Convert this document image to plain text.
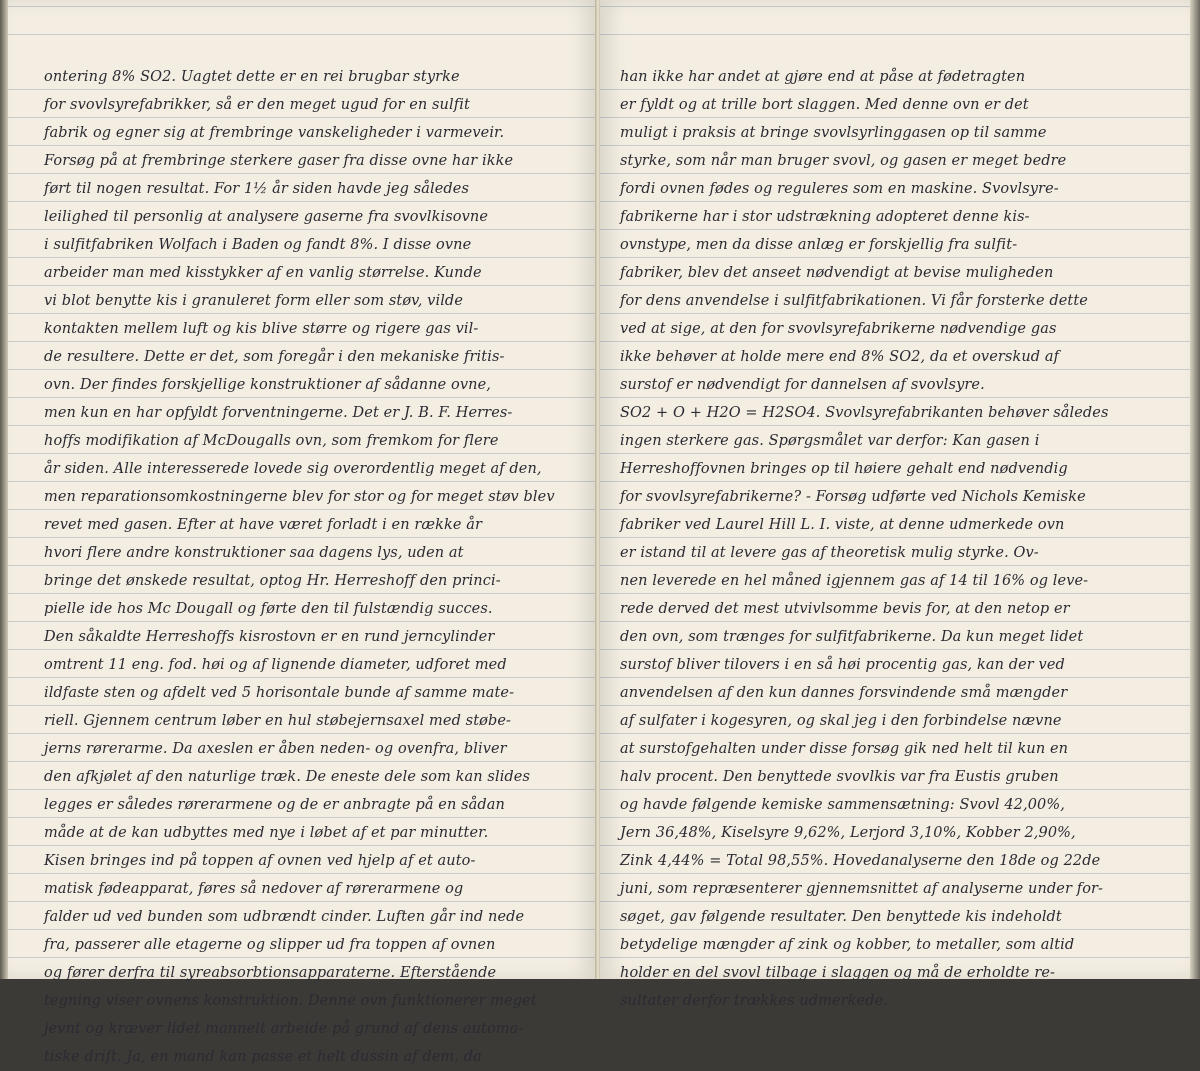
ontering 8% SO2. Uagtet dette er en rei brugbar styrke
for svovlsyrefabrikker, så er den meget ugud for en sulfit
fabrik og egner sig at frembringe vanskeligheder i varmeveir.
Forsøg på at frembringe sterkere gaser fra disse ovne har ikke
ført til nogen resultat. For 1½ år siden havde jeg således
leilighed til personlig at analysere gaserne fra svovlkisovne
i sulfitfabriken Wolfach i Baden og fandt 8%. I disse ovne
arbeider man med kisstykker af en vanlig størrelse. Kunde
vi blot benytte kis i granuleret form eller som støv, vilde
kontakten mellem luft og kis blive større og rigere gas vil-
de resultere. Dette er det, som foregår i den mekaniske fritis-
ovn. Der findes forskjellige konstruktioner af sådanne ovne,
men kun en har opfyldt forventningerne. Det er J. B. F. Herres-
hoffs modifikation af McDougalls ovn, som fremkom for flere
år siden. Alle interesserede lovede sig overordentlig meget af den,
men reparationsomkostningerne blev for stor og for meget støv blev
revet med gasen. Efter at have været forladt i en række år
hvori flere andre konstruktioner saa dagens lys, uden at
bringe det ønskede resultat, optog Hr. Herreshoff den princi-
pielle ide hos Mc Dougall og førte den til fulstændig succes.
Den såkaldte Herreshoffs kisrostovn er en rund jerncylinder
omtrent 11 eng. fod. høi og af lignende diameter, udforet med
ildfaste sten og afdelt ved 5 horisontale bunde af samme mate-
riell. Gjennem centrum løber en hul støbejernsaxel med støbe-
jerns rørerarme. Da axeslen er åben neden- og ovenfra, bliver
den afkjølet af den naturlige træk. De eneste dele som kan slides
legges er således rørerarmene og de er anbragte på en sådan
måde at de kan udbyttes med nye i løbet af et par minutter.
Kisen bringes ind på toppen af ovnen ved hjelp af et auto-
matisk fødeapparat, føres så nedover af rørerarmene og
falder ud ved bunden som udbrændt cinder. Luften går ind nede
fra, passerer alle etagerne og slipper ud fra toppen af ovnen
og fører derfra til syreabsorbtionsapparaterne. Efterstående
tegning viser ovnens konstruktion. Denne ovn funktionerer meget
jevnt og kræver lidet mannelt arbeide på grund af dens automa-
tiske drift. Ja, en mand kan passe et helt dussin af dem, da
han ikke har andet at gjøre end at påse at fødetragten
er fyldt og at trille bort slaggen. Med denne ovn er det
muligt i praksis at bringe svovlsyrlinggasen op til samme
styrke, som når man bruger svovl, og gasen er meget bedre
fordi ovnen fødes og reguleres som en maskine. Svovlsyre-
fabrikerne har i stor udstrækning adopteret denne kis-
ovnstype, men da disse anlæg er forskjellig fra sulfit-
fabriker, blev det anseet nødvendigt at bevise muligheden
for dens anvendelse i sulfitfabrikationen. Vi får forsterke dette
ved at sige, at den for svovlsyrefabrikerne nødvendige gas
ikke behøver at holde mere end 8% SO2, da et overskud af
surstof er nødvendigt for dannelsen af svovlsyre.
SO2 + O + H2O = H2SO4. Svovlsyrefabrikanten behøver således
ingen sterkere gas. Spørgsmålet var derfor: Kan gasen i
Herreshoffovnen bringes op til høiere gehalt end nødvendig
for svovlsyrefabrikerne? - Forsøg udførte ved Nichols Kemiske
fabriker ved Laurel Hill L. I. viste, at denne udmerkede ovn
er istand til at levere gas af theoretisk mulig styrke. Ov-
nen leverede en hel måned igjennem gas af 14 til 16% og leve-
rede derved det mest utvivlsomme bevis for, at den netop er
den ovn, som trænges for sulfitfabrikerne. Da kun meget lidet
surstof bliver tilovers i en så høi procentig gas, kan der ved
anvendelsen af den kun dannes forsvindende små mængder
af sulfater i kogesyren, og skal jeg i den forbindelse nævne
at surstofgehalten under disse forsøg gik ned helt til kun en
halv procent. Den benyttede svovlkis var fra Eustis gruben
og havde følgende kemiske sammensætning: Svovl 42,00%,
Jern 36,48%, Kiselsyre 9,62%, Lerjord 3,10%, Kobber 2,90%,
Zink 4,44% = Total 98,55%. Hovedanalyserne den 18de og 22de
juni, som repræsenterer gjennemsnittet af analyserne under for-
søget, gav følgende resultater. Den benyttede kis indeholdt
betydelige mængder af zink og kobber, to metaller, som altid
holder en del svovl tilbage i slaggen og må de erholdte re-
sultater derfor trækkes udmerkede.
